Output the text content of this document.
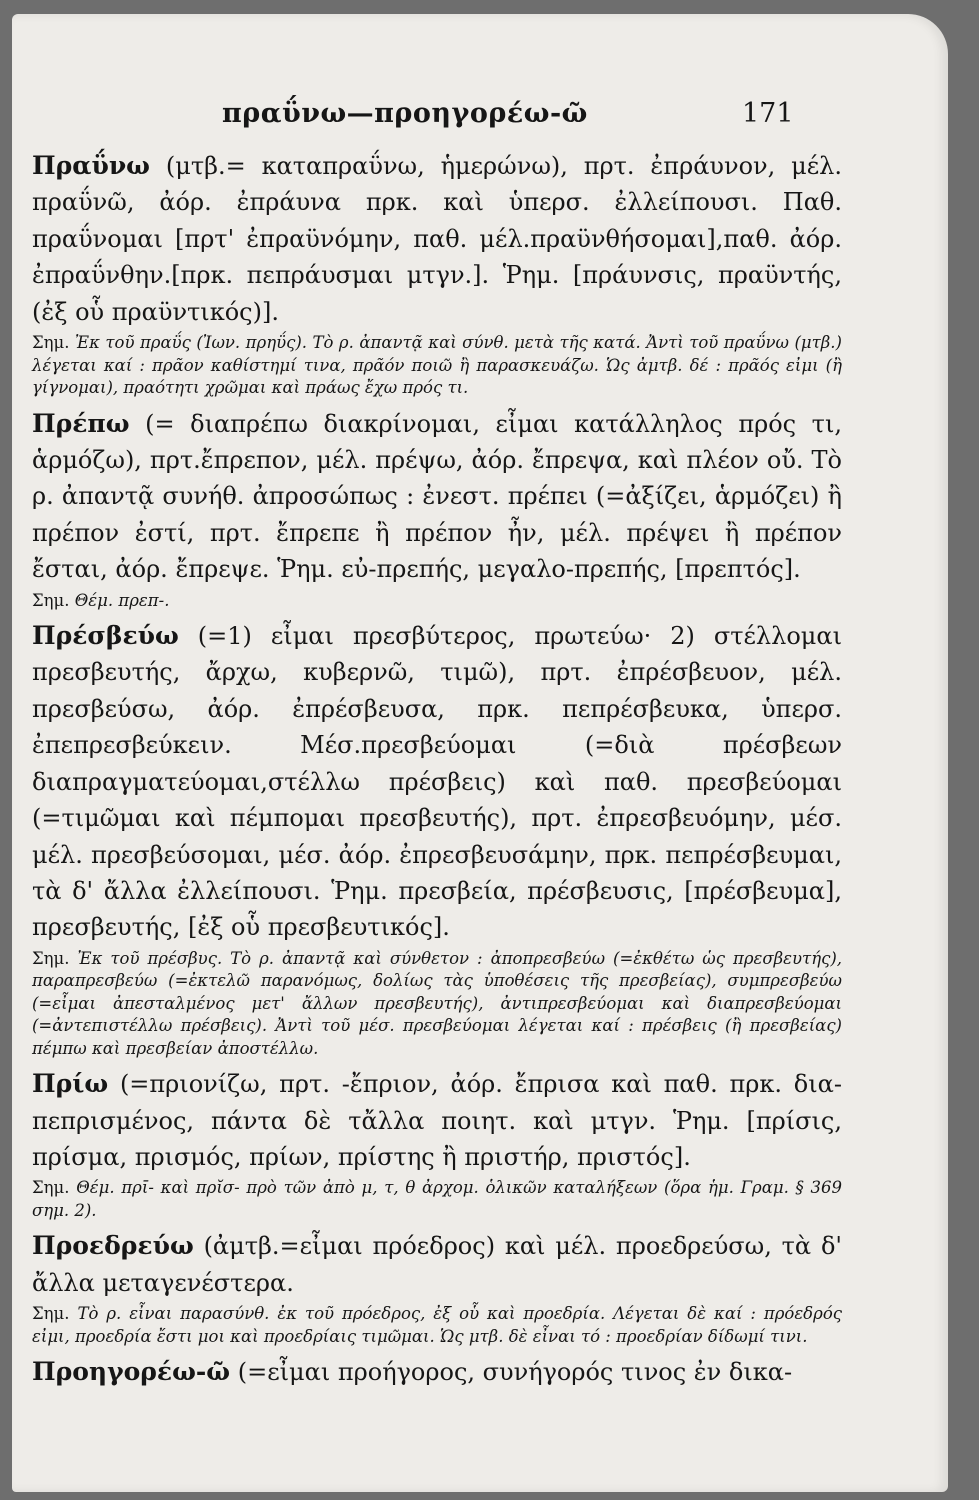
πραΰνω—προηγορέω-ῶ	171

Πραΰνω (μτβ.= καταπραΰνω, ἡμερώνω), πρτ. ἐπράυνον, μέλ. πραΰνῶ, ἀόρ. ἐπράυνα πρκ. καὶ ὑπερσ. ἐλλείπουσι. Παθ. πραΰνομαι [πρτ' ἐπραϋνόμην, παθ. μέλ.πραϋνθήσομαι],παθ. ἀόρ. ἐπραΰνθην.[πρκ. πεπράυσμαι μτγν.]. Ῥημ. [πράυνσις, πραϋντής, (ἐξ οὗ πραϋντικός)].

Σημ. Ἐκ τοῦ πραΰς (Ἰων. πρηΰς). Τὸ ρ. ἀπαντᾷ καὶ σύνθ. μετὰ τῆς κατά. Ἀντὶ τοῦ πραΰνω (μτβ.) λέγεται καί : πρᾶον καθίστημί τινα, πρᾶόν ποιῶ ἢ παρασκευάζω. Ὡς ἀμτβ. δέ : πρᾶός εἰμι (ἢ γίγνομαι), πραότητι χρῶμαι καὶ πράως ἔχω πρός τι.

Πρέπω (= διαπρέπω διακρίνομαι, εἶμαι κατάλληλος πρός τι, ἁρμόζω), πρτ.ἔπρεπον, μέλ. πρέψω, ἀόρ. ἔπρεψα, καὶ πλέον οὔ. Τὸ ρ. ἀπαντᾷ συνήθ. ἀπροσώπως : ἐνεστ. πρέπει (=ἀξίζει, ἁρμόζει) ἢ πρέπον ἐστί, πρτ. ἔπρεπε ἢ πρέπον ἦν, μέλ. πρέψει ἢ πρέπον ἔσται, ἀόρ. ἔπρεψε. Ῥημ. εὐ-πρεπής, μεγαλο-πρεπής, [πρεπτός].

Σημ. Θέμ. πρεπ-.

Πρέσβεύω (=1) εἶμαι πρεσβύτερος, πρωτεύω· 2) στέλλομαι πρεσβευτής, ἄρχω, κυβερνῶ, τιμῶ), πρτ. ἐπρέσβευον, μέλ. πρεσβεύσω, ἀόρ. ἐπρέσβευσα, πρκ. πεπρέσβευκα, ὑπερσ. ἐπεπρεσβεύκειν. Μέσ.πρεσβεύομαι (=διὰ πρέσβεων διαπραγματεύομαι,στέλλω πρέσβεις) καὶ παθ. πρεσβεύομαι (=τιμῶμαι καὶ πέμπομαι πρεσβευτής), πρτ. ἐπρεσβευόμην, μέσ. μέλ. πρεσβεύσομαι, μέσ. ἀόρ. ἐπρεσβευσάμην, πρκ. πεπρέσβευμαι, τὰ δ' ἄλλα ἐλλείπουσι. Ῥημ. πρεσβεία, πρέσβευσις, [πρέσβευμα], πρεσβευτής, [ἐξ οὗ πρεσβευτικός].

Σημ. Ἐκ τοῦ πρέσβυς. Τὸ ρ. ἀπαντᾷ καὶ σύνθετον : ἀποπρεσβεύω (=ἐκθέτω ὡς πρεσβευτής), παραπρεσβεύω (=ἐκτελῶ παρανόμως, δολίως τὰς ὑποθέσεις τῆς πρεσβείας), συμπρεσβεύω (=εἶμαι ἀπεσταλμένος μετ' ἄλλων πρεσβευτής), ἀντιπρεσβεύομαι καὶ διαπρεσβεύομαι (=ἀντεπιστέλλω πρέσβεις). Ἀντὶ τοῦ μέσ. πρεσβεύομαι λέγεται καί : πρέσβεις (ἢ πρεσβείας) πέμπω καὶ πρεσβείαν ἀποστέλλω.

Πρίω (=πριονίζω, πρτ. -ἔπριον, ἀόρ. ἔπρισα καὶ παθ. πρκ. δια-πεπρισμένος, πάντα δὲ τἄλλα ποιητ. καὶ μτγν. Ῥημ. [πρίσις, πρίσμα, πρισμός, πρίων, πρίστης ἢ πριστήρ, πριστός].

Σημ. Θέμ. πρῑ- καὶ πρῐσ- πρὸ τῶν ἀπὸ μ, τ, θ ἀρχομ. ὁλικῶν καταλήξεων (ὅρα ἡμ. Γραμ. § 369 σημ. 2).

Προεδρεύω (ἀμτβ.=εἶμαι πρόεδρος) καὶ μέλ. προεδρεύσω, τὰ δ' ἄλλα μεταγενέστερα.

Σημ. Τὸ ρ. εἶναι παρασύνθ. ἐκ τοῦ πρόεδρος, ἐξ οὗ καὶ προεδρία. Λέγεται δὲ καί : πρόεδρός εἰμι, προεδρία ἔστι μοι καὶ προεδρίαις τιμῶμαι. Ὡς μτβ. δὲ εἶναι τό : προεδρίαν δίδωμί τινι.

Προηγορέω-ῶ (=εἶμαι προήγορος, συνήγορός τινος ἐν δικα-
